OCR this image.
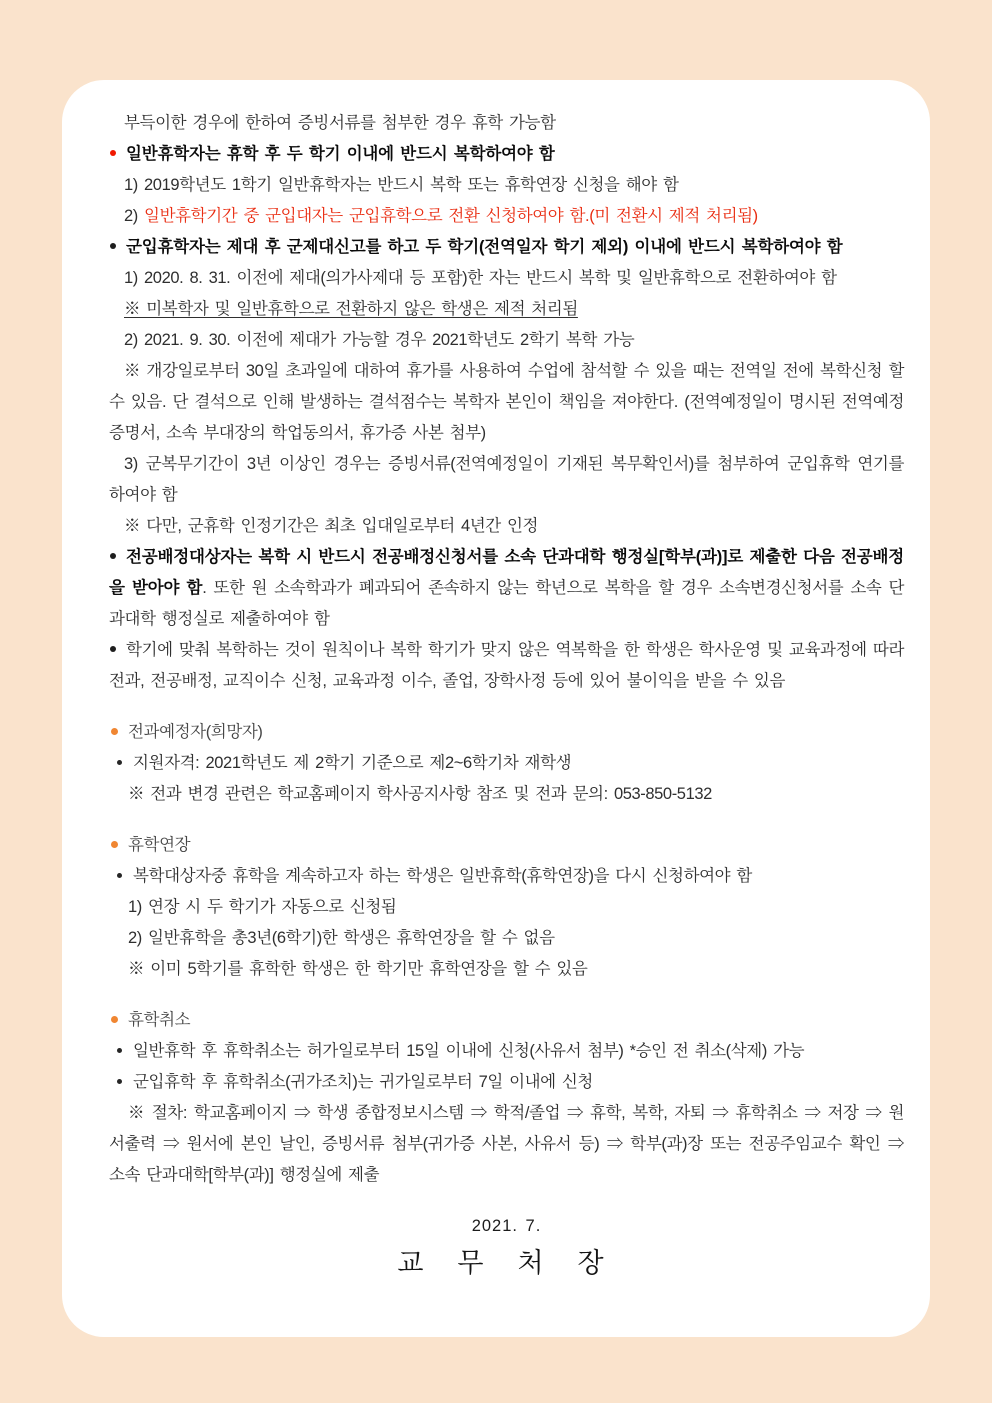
부득이한 경우에 한하여 증빙서류를 첨부한 경우 휴학 가능함

일반휴학자는 휴학 후 두 학기 이내에 반드시 복학하여야 함

1) 2019학년도 1학기 일반휴학자는 반드시 복학 또는 휴학연장 신청을 해야 함

2) 일반휴학기간 중 군입대자는 군입휴학으로 전환 신청하여야 함.(미 전환시 제적 처리됨)

군입휴학자는 제대 후 군제대신고를 하고 두 학기(전역일자 학기 제외) 이내에 반드시 복학하여야 함

1) 2020. 8. 31. 이전에 제대(의가사제대 등 포함)한 자는 반드시 복학 및 일반휴학으로 전환하여야 함

※ 미복학자 및 일반휴학으로 전환하지 않은 학생은 제적 처리됨

2) 2021. 9. 30. 이전에 제대가 가능할 경우 2021학년도 2학기 복학 가능

※ 개강일로부터 30일 초과일에 대하여 휴가를 사용하여 수업에 참석할 수 있을 때는 전역일 전에 복학신청 할 수 있음. 단 결석으로 인해 발생하는 결석점수는 복학자 본인이 책임을 져야한다. (전역예정일이 명시된 전역예정증명서, 소속 부대장의 학업동의서, 휴가증 사본 첨부)

3) 군복무기간이 3년 이상인 경우는 증빙서류(전역예정일이 기재된 복무확인서)를 첨부하여 군입휴학 연기를 하여야 함

※ 다만, 군휴학 인정기간은 최초 입대일로부터 4년간 인정

전공배정대상자는 복학 시 반드시 전공배정신청서를 소속 단과대학 행정실[학부(과)]로 제출한 다음 전공배정을 받아야 함. 또한 원 소속학과가 폐과되어 존속하지 않는 학년으로 복학을 할 경우 소속변경신청서를 소속 단과대학 행정실로 제출하여야 함

학기에 맞춰 복학하는 것이 원칙이나 복학 학기가 맞지 않은 역복학을 한 학생은 학사운영 및 교육과정에 따라 전과, 전공배정, 교직이수 신청, 교육과정 이수, 졸업, 장학사정 등에 있어 불이익을 받을 수 있음

전과예정자(희망자)

지원자격: 2021학년도 제 2학기 기준으로 제2~6학기차 재학생

※ 전과 변경 관련은 학교홈페이지 학사공지사항 참조 및 전과 문의: 053-850-5132

휴학연장

복학대상자중 휴학을 계속하고자 하는 학생은 일반휴학(휴학연장)을 다시 신청하여야 함

1) 연장 시 두 학기가 자동으로 신청됨

2) 일반휴학을 총3년(6학기)한 학생은 휴학연장을 할 수 없음

※ 이미 5학기를 휴학한 학생은 한 학기만 휴학연장을 할 수 있음

휴학취소

일반휴학 후 휴학취소는 허가일로부터 15일 이내에 신청(사유서 첨부) *승인 전 취소(삭제) 가능

군입휴학 후 휴학취소(귀가조치)는 귀가일로부터 7일 이내에 신청

※ 절차: 학교홈페이지 ⇒ 학생 종합정보시스템 ⇒ 학적/졸업 ⇒ 휴학, 복학, 자퇴 ⇒ 휴학취소 ⇒ 저장 ⇒ 원서출력 ⇒ 원서에 본인 날인, 증빙서류 첨부(귀가증 사본, 사유서 등) ⇒ 학부(과)장 또는 전공주임교수 확인 ⇒ 소속 단과대학[학부(과)] 행정실에 제출

2021. 7.

교 무 처 장
